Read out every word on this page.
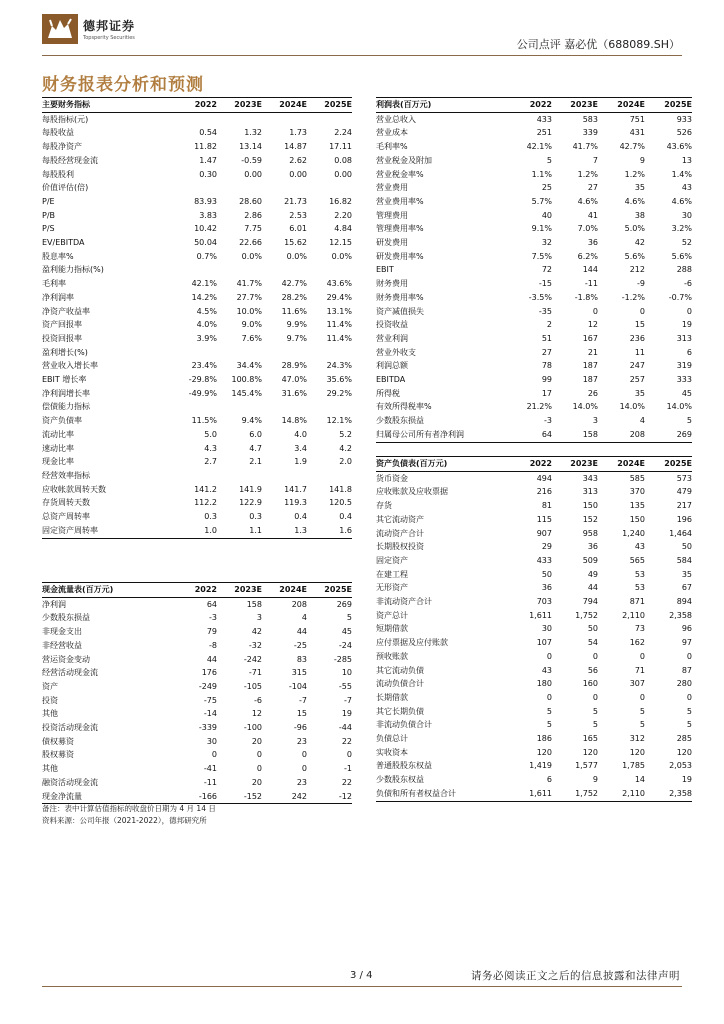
德邦证券
Topsperity Securities	公司点评 嘉必优（688089.SH）
财务报表分析和预测
主要财务指标	2022	2023E	2024E	2025E
每股指标(元)				
每股收益	0.54	1.32	1.73	2.24
每股净资产	11.82	13.14	14.87	17.11
每股经营现金流	1.47	-0.59	2.62	0.08
每股股利	0.30	0.00	0.00	0.00
价值评估(倍)				
P/E	83.93	28.60	21.73	16.82
P/B	3.83	2.86	2.53	2.20
P/S	10.42	7.75	6.01	4.84
EV/EBITDA	50.04	22.66	15.62	12.15
股息率%	0.7%	0.0%	0.0%	0.0%
盈利能力指标(%)				
毛利率	42.1%	41.7%	42.7%	43.6%
净利润率	14.2%	27.7%	28.2%	29.4%
净资产收益率	4.5%	10.0%	11.6%	13.1%
资产回报率	4.0%	9.0%	9.9%	11.4%
投资回报率	3.9%	7.6%	9.7%	11.4%
盈利增长(%)				
营业收入增长率	23.4%	34.4%	28.9%	24.3%
EBIT 增长率	-29.8%	100.8%	47.0%	35.6%
净利润增长率	-49.9%	145.4%	31.6%	29.2%
偿债能力指标				
资产负债率	11.5%	9.4%	14.8%	12.1%
流动比率	5.0	6.0	4.0	5.2
速动比率	4.3	4.7	3.4	4.2
现金比率	2.7	2.1	1.9	2.0
经营效率指标				
应收帐款周转天数	141.2	141.9	141.7	141.8
存货周转天数	112.2	122.9	119.3	120.5
总资产周转率	0.3	0.3	0.4	0.4
固定资产周转率	1.0	1.1	1.3	1.6
利润表(百万元)	2022	2023E	2024E	2025E
营业总收入	433	583	751	933
营业成本	251	339	431	526
毛利率%	42.1%	41.7%	42.7%	43.6%
营业税金及附加	5	7	9	13
营业税金率%	1.1%	1.2%	1.2%	1.4%
营业费用	25	27	35	43
营业费用率%	5.7%	4.6%	4.6%	4.6%
管理费用	40	41	38	30
管理费用率%	9.1%	7.0%	5.0%	3.2%
研发费用	32	36	42	52
研发费用率%	7.5%	6.2%	5.6%	5.6%
EBIT	72	144	212	288
财务费用	-15	-11	-9	-6
财务费用率%	-3.5%	-1.8%	-1.2%	-0.7%
资产减值损失	-35	0	0	0
投资收益	2	12	15	19
营业利润	51	167	236	313
营业外收支	27	21	11	6
利润总额	78	187	247	319
EBITDA	99	187	257	333
所得税	17	26	35	45
有效所得税率%	21.2%	14.0%	14.0%	14.0%
少数股东损益	-3	3	4	5
归属母公司所有者净利润	64	158	208	269
资产负债表(百万元)	2022	2023E	2024E	2025E
货币资金	494	343	585	573
应收账款及应收票据	216	313	370	479
存货	81	150	135	217
其它流动资产	115	152	150	196
流动资产合计	907	958	1,240	1,464
长期股权投资	29	36	43	50
固定资产	433	509	565	584
在建工程	50	49	53	35
无形资产	36	44	53	67
非流动资产合计	703	794	871	894
资产总计	1,611	1,752	2,110	2,358
短期借款	30	50	73	96
应付票据及应付账款	107	54	162	97
预收账款	0	0	0	0
其它流动负债	43	56	71	87
流动负债合计	180	160	307	280
长期借款	0	0	0	0
其它长期负债	5	5	5	5
非流动负债合计	5	5	5	5
负债总计	186	165	312	285
实收资本	120	120	120	120
普通股股东权益	1,419	1,577	1,785	2,053
少数股东权益	6	9	14	19
负债和所有者权益合计	1,611	1,752	2,110	2,358
现金流量表(百万元)	2022	2023E	2024E	2025E
净利润	64	158	208	269
少数股东损益	-3	3	4	5
非现金支出	79	42	44	45
非经营收益	-8	-32	-25	-24
营运资金变动	44	-242	83	-285
经营活动现金流	176	-71	315	10
资产	-249	-105	-104	-55
投资	-75	-6	-7	-7
其他	-14	12	15	19
投资活动现金流	-339	-100	-96	-44
债权募资	30	20	23	22
股权募资	0	0	0	0
其他	-41	0	0	-1
融资活动现金流	-11	20	23	22
现金净流量	-166	-152	242	-12
备注：表中计算估值指标的收盘价日期为 4 月 14 日
资料来源：公司年报（2021-2022），德邦研究所
3 / 4	请务必阅读正文之后的信息披露和法律声明
